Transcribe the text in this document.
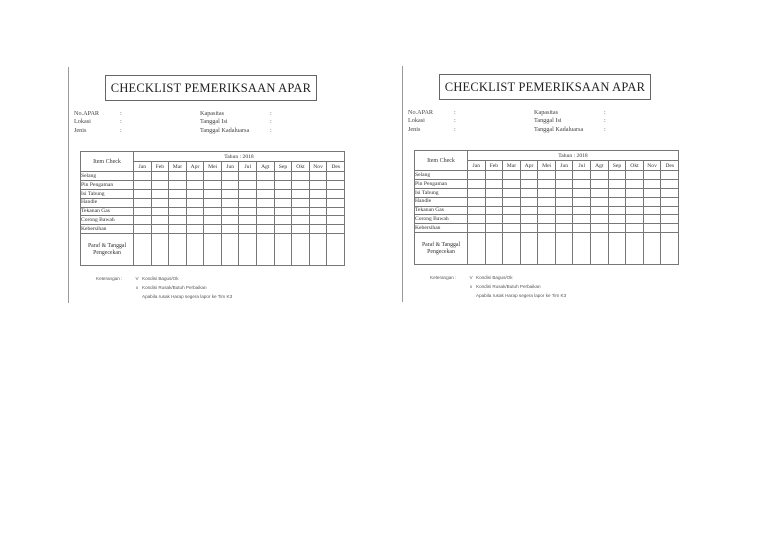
CHECKLIST PEMERIKSAAN APAR
No.APAR	:	Kapasitas	:
Lokasi	:	Tanggal Isi	:
Jenis	:	Tanggal Kadaluarsa	:
Item Check	Tahun : 2018											
	Jan	Feb	Mar	Apr	Mei	Jun	Jul	Agt	Sep	Okt	Nov	Des
Selang												
Pin Pengaman												
Isi Tabung												
Handle												
Tekanan Gas												
Corong Bawah												
Kebersihan												
Paraf & Tanggal
Pengecekan												
Keterangan :	V Kondisi Bagus/Ok
x Kondisi Rusak/Butuh Perbaikan
Apabila rusak Harap segera lapor ke Tim K3
CHECKLIST PEMERIKSAAN APAR
No.APAR	:	Kapasitas	:
Lokasi	:	Tanggal Isi	:
Jenis	:	Tanggal Kadaluarsa	:
Item Check	Tahun : 2018											
	Jan	Feb	Mar	Apr	Mei	Jun	Jul	Agt	Sep	Okt	Nov	Des
Selang												
Pin Pengaman												
Isi Tabung												
Handle												
Tekanan Gas												
Corong Bawah												
Kebersihan												
Paraf & Tanggal
Pengecekan												
Keterangan :	V Kondisi Bagus/Ok
x Kondisi Rusak/Butuh Perbaikan
Apabila rusak Harap segera lapor ke Tim K3
